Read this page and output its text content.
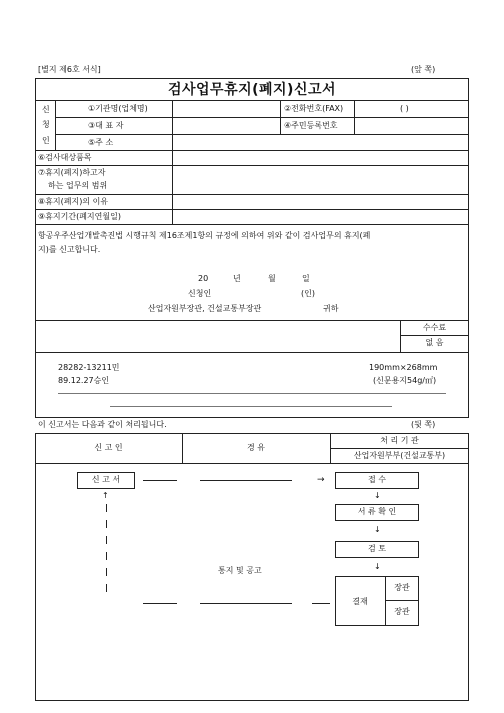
[별지 제6호 서식]	(앞 쪽)
검사업무휴지(폐지)신고서
신
청
인
①기관명(업체명)	②전화번호(FAX)	( )
③대 표 자	④주민등록번호
⑤주 소
⑥검사대상품목
⑦휴지(폐지)하고자
하는 업무의 범위
⑧휴지(폐지)의 이유
⑨휴지기간(폐지연월일)
항공우주산업개발촉진법 시행규칙 제16조제1항의 규정에 의하여 위와 같이 검사업무의 휴지(폐
지)를 신고합니다.
20	년	월	일
신청인	(인)
산업자원부장관, 건설교통부장관	귀하
수수료
없 음
28282-13211민	190mm×268mm
89.12.27승인	(신문용지54g/㎡)
이 신고서는 다음과 같이 처리됩니다.	(뒷 쪽)
신 고 인	경 유
처 리 기 관
산업자원부부(건설교통부)
신 고 서	→
↑
통지 및 공고
접 수
↓
서 류 확 인
↓
검 토
↓
결재
장관
장관
